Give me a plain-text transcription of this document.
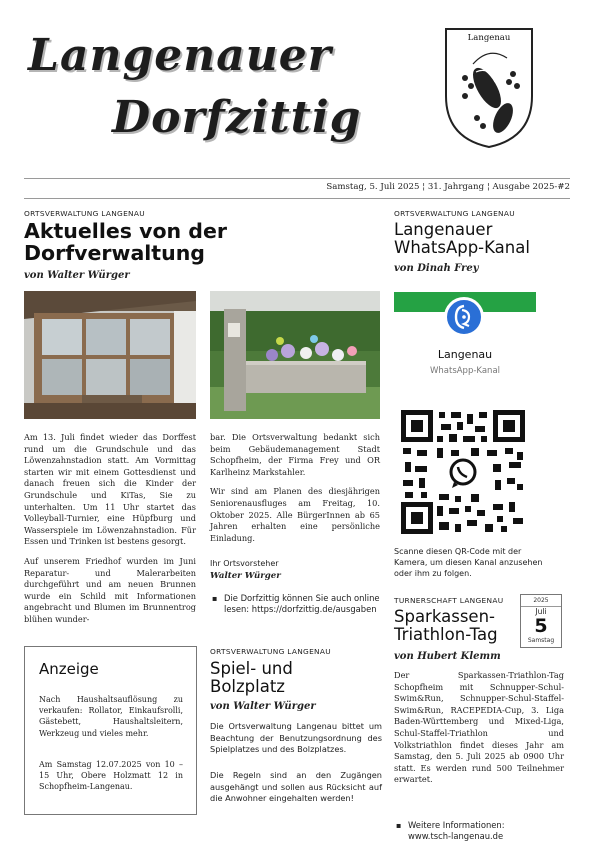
Langenauer
Dorfzittig
Langenau
Samstag, 5. Juli 2025 ¦ 31. Jahrgang ¦ Ausgabe 2025-#2
ORTSVERWALTUNG LANGENAU
Aktuelles von der Dorfverwaltung
von Walter Würger

Am 13. Juli findet wieder das Dorffest rund um die Grundschule und das Löwenzahnstadion statt. Am Vormittag starten wir mit einem Gottesdienst und danach freuen sich die Kinder der Grundschule und KiTas, Sie zu unterhalten. Um 11 Uhr startet das Volleyball-Turnier, eine Hüpfburg und Wasserspiele im Löwenzahnstadion. Für Essen und Trinken ist bestens gesorgt.

Auf unserem Friedhof wurden im Juni Reparatur- und Malerarbeiten durchgeführt und am neuen Brunnen wurde ein Schild mit Informationen angebracht und Blumen im Brunnentrog blühen wunder-

bar. Die Ortsverwaltung bedankt sich beim Gebäudemanagement Stadt Schopfheim, der Firma Frey und OR Karlheinz Markstahler.

Wir sind am Planen des diesjährigen Seniorenausfluges am Freitag, 10. Oktober 2025. Alle BürgerInnen ab 65 Jahren erhalten eine persönliche Einladung.

Ihr Ortsvorsteher
Walter Würger
▪ Die Dorfzittig können Sie auch online lesen: https://dorfzittig.de/ausgaben
Anzeige
Nach Haushaltsauflösung zu verkaufen: Rollator, Einkaufsrolli, Gästebett, Haushaltsleitern, Werkzeug und vieles mehr.
Am Samstag 12.07.2025 von 10 – 15 Uhr, Obere Holzmatt 12 in Schopfheim-Langenau.
ORTSVERWALTUNG LANGENAU
Spiel- und Bolzplatz
von Walter Würger
Die Ortsverwaltung Langenau bittet um Beachtung der Benutzungsordnung des Spielplatzes und des Bolzplatzes.
Die Regeln sind an den Zugängen ausgehängt und sollen aus Rücksicht auf die Anwohner eingehalten werden!
ORTSVERWALTUNG LANGENAU
Langenauer WhatsApp-Kanal
von Dinah Frey
Langenau
WhatsApp-Kanal
Scanne diesen QR-Code mit der Kamera, um diesen Kanal anzusehen oder ihm zu folgen.
TURNERSCHAFT LANGENAU
Sparkassen-Triathlon-Tag
von Hubert Klemm
2025
Juli
5
Samstag
Der Sparkassen-Triathlon-Tag Schopfheim mit Schnupper-Schul-Swim&Run, Schnupper-Schul-Staffel-Swim&Run, RACEPEDIA-Cup, 3. Liga Baden-Württemberg und Mixed-Liga, Schul-Staffel-Triathlon und Volkstriathlon findet dieses Jahr am Samstag, den 5. Juli 2025 ab 0900 Uhr statt. Es werden rund 500 Teilnehmer erwartet.
▪ Weitere Informationen: www.tsch-langenau.de
